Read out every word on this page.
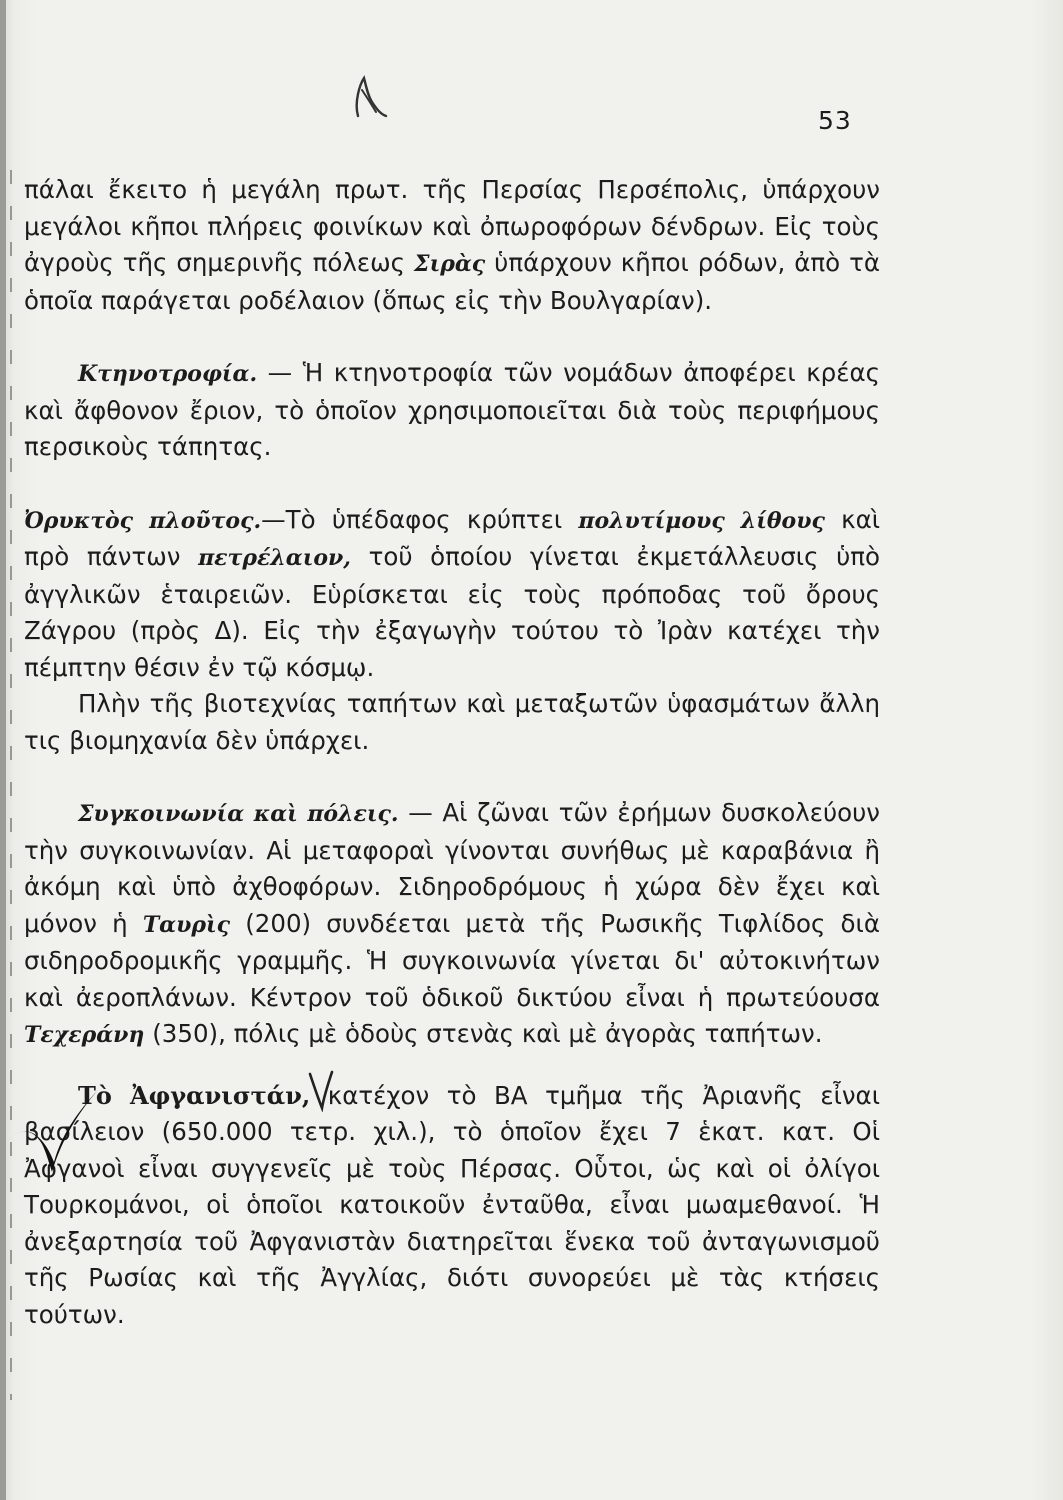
53

πάλαι ἔκειτο ἡ μεγάλη πρωτ. τῆς Περσίας Περσέπολις, ὑπάρχουν μεγάλοι κῆποι πλήρεις φοινίκων καὶ ὀπωροφόρων δένδρων. Εἰς τοὺς ἀγροὺς τῆς σημερινῆς πόλεως Σιρὰς ὑπάρχουν κῆποι ρόδων, ἀπὸ τὰ ὁποῖα παράγεται ροδέλαιον (ὅπως εἰς τὴν Βουλγαρίαν).

Κτηνοτροφία. — Ἡ κτηνοτροφία τῶν νομάδων ἀποφέρει κρέας καὶ ἄφθονον ἔριον, τὸ ὁποῖον χρησιμοποιεῖται διὰ τοὺς περιφήμους περσικοὺς τάπητας.

Ὀρυκτὸς πλοῦτος.—Τὸ ὑπέδαφος κρύπτει πολυτίμους λίθους καὶ πρὸ πάντων πετρέλαιον, τοῦ ὁποίου γίνεται ἐκμετάλλευσις ὑπὸ ἀγγλικῶν ἑταιρειῶν. Εὑρίσκεται εἰς τοὺς πρόποδας τοῦ ὄρους Ζάγρου (πρὸς Δ). Εἰς τὴν ἐξαγωγὴν τούτου τὸ Ἰρὰν κατέχει τὴν πέμπτην θέσιν ἐν τῷ κόσμῳ.

Πλὴν τῆς βιοτεχνίας ταπήτων καὶ μεταξωτῶν ὑφασμάτων ἄλλη τις βιομηχανία δὲν ὑπάρχει.

Συγκοινωνία καὶ πόλεις. — Αἱ ζῶναι τῶν ἐρήμων δυσκολεύουν τὴν συγκοινωνίαν. Αἱ μεταφοραὶ γίνονται συνήθως μὲ καραβάνια ἢ ἀκόμη καὶ ὑπὸ ἀχθοφόρων. Σιδηροδρόμους ἡ χώρα δὲν ἔχει καὶ μόνον ἡ Ταυρὶς (200) συνδέεται μετὰ τῆς Ρωσικῆς Τιφλίδος διὰ σιδηροδρομικῆς γραμμῆς. Ἡ συγκοινωνία γίνεται δι' αὐτοκινήτων καὶ ἀεροπλάνων. Κέντρον τοῦ ὁδικοῦ δικτύου εἶναι ἡ πρωτεύουσα Τεχεράνη (350), πόλις μὲ ὁδοὺς στενὰς καὶ μὲ ἀγορὰς ταπήτων.

Τὸ Ἀφγανιστάν, κατέχον τὸ ΒΑ τμῆμα τῆς Ἀριανῆς εἶναι βασίλειον (650.000 τετρ. χιλ.), τὸ ὁποῖον ἔχει 7 ἑκατ. κατ. Οἱ Ἀφγανοὶ εἶναι συγγενεῖς μὲ τοὺς Πέρσας. Οὗτοι, ὡς καὶ οἱ ὀλίγοι Τουρκομάνοι, οἱ ὁποῖοι κατοικοῦν ἐνταῦθα, εἶναι μωαμεθανοί. Ἡ ἀνεξαρτησία τοῦ Ἀφγανιστὰν διατηρεῖται ἕνεκα τοῦ ἀνταγωνισμοῦ τῆς Ρωσίας καὶ τῆς Ἀγγλίας, διότι συνορεύει μὲ τὰς κτήσεις τούτων.
